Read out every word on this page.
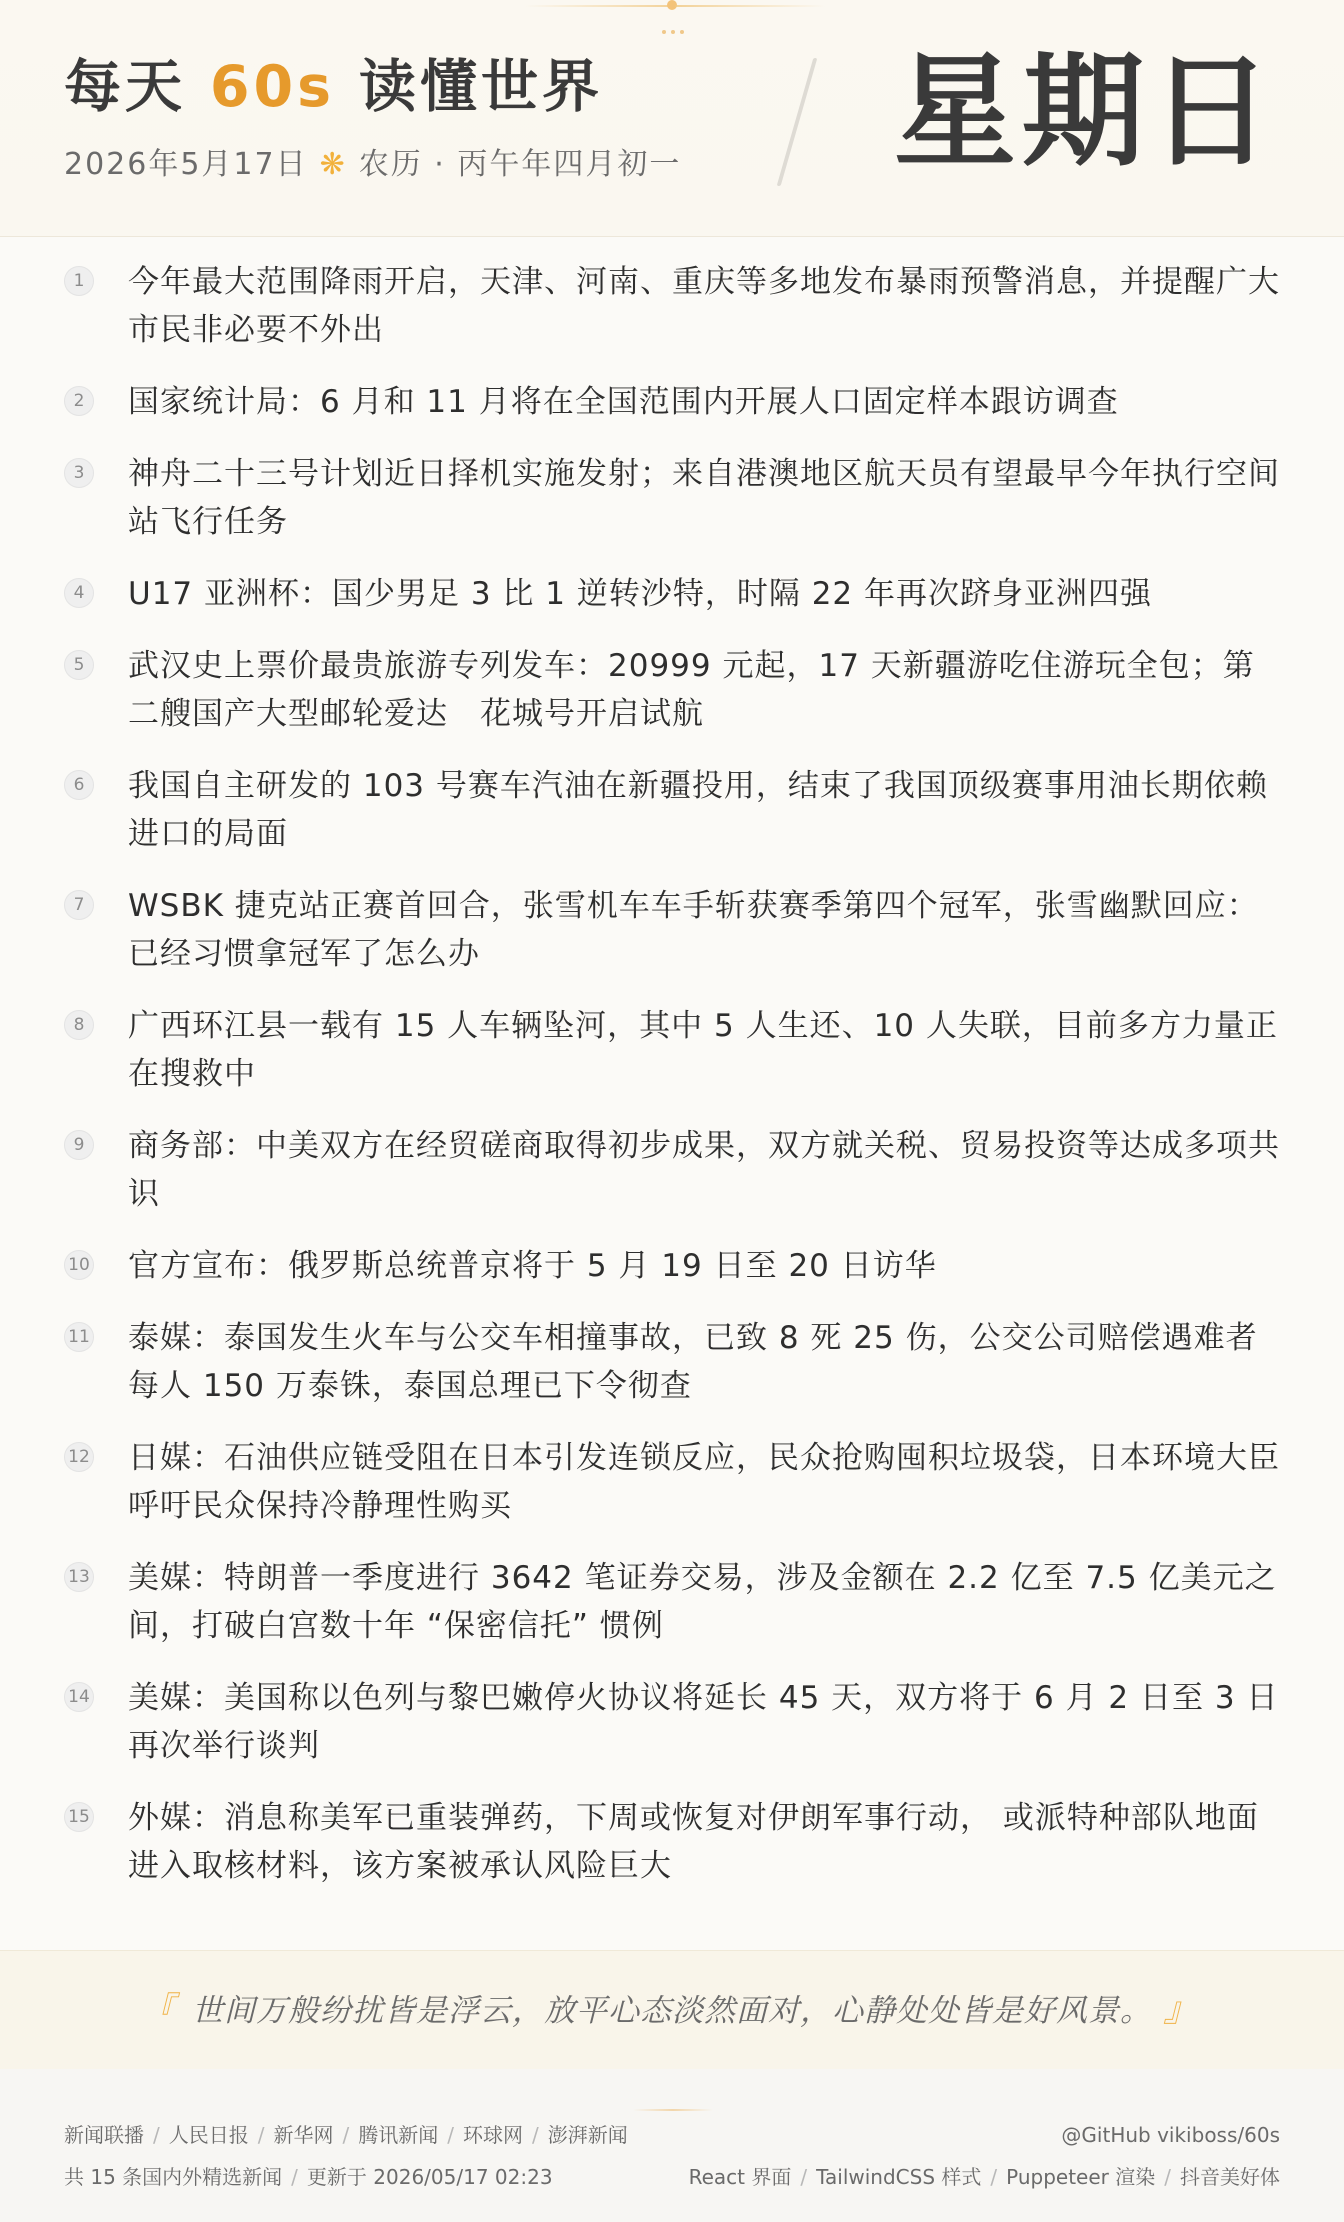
每天 60s 读懂世界
2026年5月17日 ❋ 农历 · 丙午年四月初一 星期日
1	今年最大范围降雨开启，天津、河南、重庆等多地发布暴雨预警消息，并提醒广大市民非必要不外出

2	国家统计局：6 月和 11 月将在全国范围内开展人口固定样本跟访调查

3	神舟二十三号计划近日择机实施发射；来自港澳地区航天员有望最早今年执行空间站飞行任务

4	U17 亚洲杯：国少男足 3 比 1 逆转沙特，时隔 22 年再次跻身亚洲四强

5	武汉史上票价最贵旅游专列发车：20999 元起，17 天新疆游吃住游玩全包；第二艘国产大型邮轮爱达　花城号开启试航

6	我国自主研发的 103 号赛车汽油在新疆投用，结束了我国顶级赛事用油长期依赖进口的局面

7	WSBK 捷克站正赛首回合，张雪机车车手斩获赛季第四个冠军，张雪幽默回应：已经习惯拿冠军了怎么办

8	广西环江县一载有 15 人车辆坠河，其中 5 人生还、10 人失联，目前多方力量正在搜救中

9	商务部：中美双方在经贸磋商取得初步成果，双方就关税、贸易投资等达成多项共识

10 官方宣布：俄罗斯总统普京将于 5 月 19 日至 20 日访华

11 泰媒：泰国发生火车与公交车相撞事故，已致 8 死 25 伤，公交公司赔偿遇难者每人 150 万泰铢，泰国总理已下令彻查

12 日媒：石油供应链受阻在日本引发连锁反应，民众抢购囤积垃圾袋，日本环境大臣呼吁民众保持冷静理性购买

13 美媒：特朗普一季度进行 3642 笔证券交易，涉及金额在 2.2 亿至 7.5 亿美元之间，打破白宫数十年 “保密信托” 惯例

14 美媒：美国称以色列与黎巴嫩停火协议将延长 45 天，双方将于 6 月 2 日至 3 日再次举行谈判

15 外媒：消息称美军已重装弹药，下周或恢复对伊朗军事行动， 或派特种部队地面进入取核材料，该方案被承认风险巨大

『 世间万般纷扰皆是浮云，放平心态淡然面对，心静处处皆是好风景。 』
新闻联播 / 人民日报 / 新华网 / 腾讯新闻 / 环球网 / 澎湃新闻	@GitHub vikiboss/60s
共 15 条国内外精选新闻 / 更新于 2026/05/17 02:23	React 界面 / TailwindCSS 样式 / Puppeteer 渲染 / 抖音美好体
